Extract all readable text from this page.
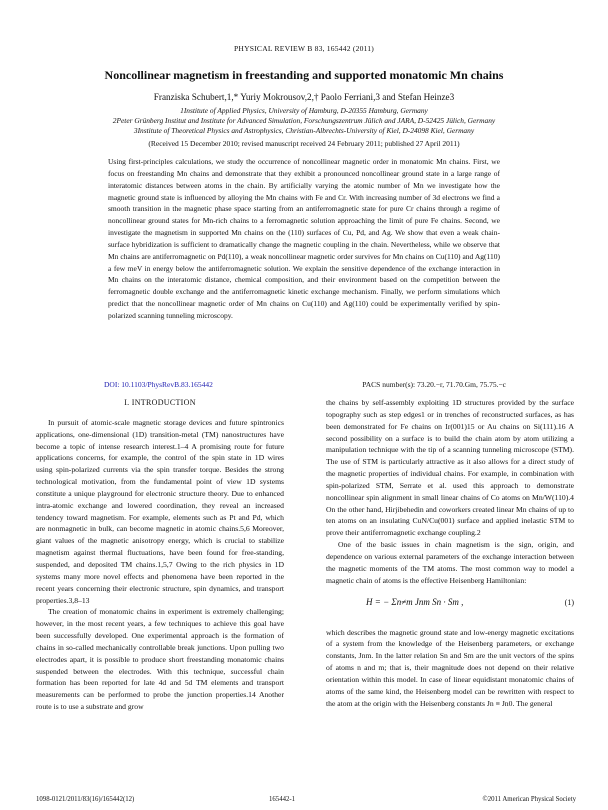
PHYSICAL REVIEW B 83, 165442 (2011)
Noncollinear magnetism in freestanding and supported monatomic Mn chains
Franziska Schubert,1,* Yuriy Mokrousov,2,† Paolo Ferriani,3 and Stefan Heinze3
1Institute of Applied Physics, University of Hamburg, D-20355 Hamburg, Germany
2Peter Grünberg Institut and Institute for Advanced Simulation, Forschungszentrum Jülich and JARA, D-52425 Jülich, Germany
3Institute of Theoretical Physics and Astrophysics, Christian-Albrechts-University of Kiel, D-24098 Kiel, Germany
(Received 15 December 2010; revised manuscript received 24 February 2011; published 27 April 2011)
Using first-principles calculations, we study the occurrence of noncollinear magnetic order in monatomic Mn chains. First, we focus on freestanding Mn chains and demonstrate that they exhibit a pronounced noncollinear ground state in a large range of interatomic distances between atoms in the chain. By artificially varying the atomic number of Mn we investigate how the magnetic ground state is influenced by alloying the Mn chains with Fe and Cr. With increasing number of 3d electrons we find a smooth transition in the magnetic phase space starting from an antiferromagnetic state for pure Cr chains through a regime of noncollinear ground states for Mn-rich chains to a ferromagnetic solution approaching the limit of pure Fe chains. Second, we investigate the magnetism in supported Mn chains on the (110) surfaces of Cu, Pd, and Ag. We show that even a weak chain-surface hybridization is sufficient to dramatically change the magnetic coupling in the chain. Nevertheless, while we observe that Mn chains are antiferromagnetic on Pd(110), a weak noncollinear magnetic order survives for Mn chains on Cu(110) and Ag(110) a few meV in energy below the antiferromagnetic solution. We explain the sensitive dependence of the exchange interaction in Mn chains on the interatomic distance, chemical composition, and their environment based on the competition between the ferromagnetic double exchange and the antiferromagnetic kinetic exchange mechanism. Finally, we perform simulations which predict that the noncollinear magnetic order of Mn chains on Cu(110) and Ag(110) could be experimentally verified by spin-polarized scanning tunneling microscopy.
DOI: 10.1103/PhysRevB.83.165442	PACS number(s): 73.20.−r, 71.70.Gm, 75.75.−c

I. INTRODUCTION

In pursuit of atomic-scale magnetic storage devices and future spintronics applications, one-dimensional (1D) transition-metal (TM) nanostructures have become a topic of intense research interest.1–4 A promising route for future applications concerns, for example, the control of the spin state in 1D wires using spin-polarized currents via the spin transfer torque. Besides the strong technological motivation, from the fundamental point of view 1D systems constitute a unique playground for electronic structure theory. Due to enhanced intra-atomic exchange and lowered coordination, they reveal an increased tendency toward magnetism. For example, elements such as Pt and Pd, which are nonmagnetic in bulk, can become magnetic in atomic chains.5,6 Moreover, giant values of the magnetic anisotropy energy, which is crucial to stabilize magnetism against thermal fluctuations, have been found for free-standing, suspended, and deposited TM chains.1,5,7 Owing to the rich physics in 1D systems many more novel effects and phenomena have been reported in the recent years concerning their electronic structure, spin dynamics, and transport properties.3,8–13

The creation of monatomic chains in experiment is extremely challenging; however, in the most recent years, a few techniques to achieve this goal have been successfully developed. One experimental approach is the formation of chains in so-called mechanically controllable break junctions. Upon pulling two electrodes apart, it is possible to produce short freestanding monatomic chains suspended between the electrodes. With this technique, successful chain formation has been reported for late 4d and 5d TM elements and transport measurements can be performed to probe the junction properties.14 Another route is to use a substrate and grow

the chains by self-assembly exploiting 1D structures provided by the surface topography such as step edges1 or in trenches of reconstructed surfaces, as has been demonstrated for Fe chains on Ir(001)15 or Au chains on Si(111).16 A second possibility on a surface is to build the chain atom by atom utilizing a manipulation technique with the tip of a scanning tunneling microscope (STM). The use of STM is particularly attractive as it also allows for a direct study of the magnetic properties of individual chains. For example, in combination with spin-polarized STM, Serrate et al. used this approach to demonstrate noncollinear spin alignment in small linear chains of Co atoms on Mn/W(110).4 On the other hand, Hirjibehedin and coworkers created linear Mn chains of up to ten atoms on an insulating CuN/Cu(001) surface and applied inelastic STM to prove their antiferromagnetic exchange coupling.2

One of the basic issues in chain magnetism is the sign, origin, and dependence on various external parameters of the exchange interaction between the magnetic moments of the TM atoms. The most common way to model a magnetic chain of atoms is the effective Heisenberg Hamiltonian:

H = − Σn≠m Jnm Sn · Sm ,	(1)

which describes the magnetic ground state and low-energy magnetic excitations of a system from the knowledge of the Heisenberg parameters, or exchange constants, Jnm. In the latter relation Sn and Sm are the unit vectors of the spins of atoms n and m; that is, their magnitude does not depend on their relative orientation within this model. In case of linear equidistant monatomic chains of atoms of the same kind, the Heisenberg model can be rewritten with respect to the atom at the origin with the Heisenberg constants Jn ≡ Jn0. The general

1098-0121/2011/83(16)/165442(12)	165442-1	©2011 American Physical Society
